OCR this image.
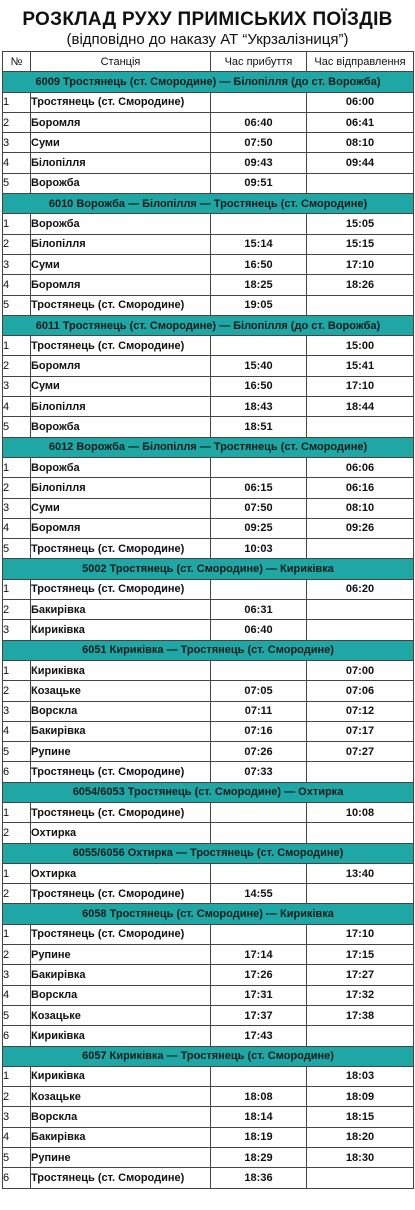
РОЗКЛАД РУХУ ПРИМІСЬКИХ ПОЇЗДІВ
(відповідно до наказу АТ “Укрзалізниця”)
№	Станція	Час прибуття	Час відправлення
6009 Тростянець (ст. Смородине) — Білопілля (до ст. Ворожба)			
1	Тростянець (ст. Смородине)		06:00
2	Боромля	06:40	06:41
3	Суми	07:50	08:10
4	Білопілля	09:43	09:44
5	Ворожба	09:51	
6010 Ворожба — Білопілля — Тростянець (ст. Смородине)			
1	Ворожба		15:05
2	Білопілля	15:14	15:15
3	Суми	16:50	17:10
4	Боромля	18:25	18:26
5	Тростянець (ст. Смородине)	19:05	
6011 Тростянець (ст. Смородине) — Білопілля (до ст. Ворожба)			
1	Тростянець (ст. Смородине)		15:00
2	Боромля	15:40	15:41
3	Суми	16:50	17:10
4	Білопілля	18:43	18:44
5	Ворожба	18:51	
6012 Ворожба — Білопілля — Тростянець (ст. Смородине)			
1	Ворожба		06:06
2	Білопілля	06:15	06:16
3	Суми	07:50	08:10
4	Боромля	09:25	09:26
5	Тростянець (ст. Смородине)	10:03	
5002 Тростянець (ст. Смородине) — Кириківка			
1	Тростянець (ст. Смородине)		06:20
2	Бакирівка	06:31	
3	Кириківка	06:40	
6051 Кириківка — Тростянець (ст. Смородине)			
1	Кириківка		07:00
2	Козацьке	07:05	07:06
3	Ворскла	07:11	07:12
4	Бакирівка	07:16	07:17
5	Рупине	07:26	07:27
6	Тростянець (ст. Смородине)	07:33	
6054/6053 Тростянець (ст. Смородине) — Охтирка			
1	Тростянець (ст. Смородине)		10:08
2	Охтирка		
6055/6056 Охтирка — Тростянець (ст. Смородине)			
1	Охтирка		13:40
2	Тростянець (ст. Смородине)	14:55	
6058 Тростянець (ст. Смородине) — Кириківка			
1	Тростянець (ст. Смородине)		17:10
2	Рупине	17:14	17:15
3	Бакирівка	17:26	17:27
4	Ворскла	17:31	17:32
5	Козацьке	17:37	17:38
6	Кириківка	17:43	
6057 Кириківка — Тростянець (ст. Смородине)			
1	Кириківка		18:03
2	Козацьке	18:08	18:09
3	Ворскла	18:14	18:15
4	Бакирівка	18:19	18:20
5	Рупине	18:29	18:30
6	Тростянець (ст. Смородине)	18:36	
